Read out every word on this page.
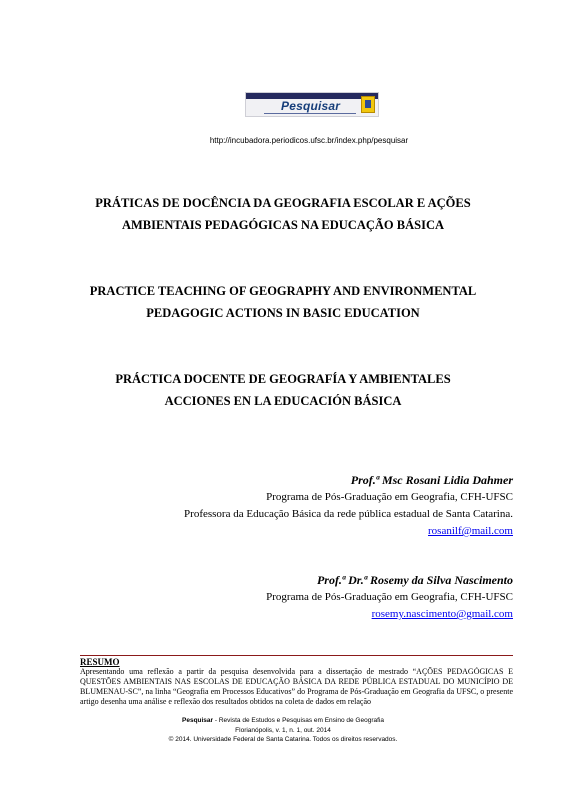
Pesquisar
http://incubadora.periodicos.ufsc.br/index.php/pesquisar
PRÁTICAS DE DOCÊNCIA DA GEOGRAFIA ESCOLAR E AÇÕES
AMBIENTAIS PEDAGÓGICAS NA EDUCAÇÃO BÁSICA
PRACTICE TEACHING OF GEOGRAPHY AND ENVIRONMENTAL
PEDAGOGIC ACTIONS IN BASIC EDUCATION
PRÁCTICA DOCENTE DE GEOGRAFÍA Y AMBIENTALES
ACCIONES EN LA EDUCACIÓN BÁSICA
Prof.ª Msc Rosani Lidia Dahmer
Programa de Pós-Graduação em Geografia, CFH-UFSC
Professora da Educação Básica da rede pública estadual de Santa Catarina.
rosanilf@mail.com
Prof.ª Dr.ª Rosemy da Silva Nascimento
Programa de Pós-Graduação em Geografia, CFH-UFSC
rosemy.nascimento@gmail.com
RESUMO
Apresentando uma reflexão a partir da pesquisa desenvolvida para a dissertação de mestrado “AÇÕES PEDAGÓGICAS E QUESTÕES AMBIENTAIS NAS ESCOLAS DE EDUCAÇÃO BÁSICA DA REDE PÚBLICA ESTADUAL DO MUNICÍPIO DE BLUMENAU-SC”, na linha “Geografia em Processos Educativos” do Programa de Pós-Graduação em Geografia da UFSC, o presente artigo desenha uma análise e reflexão dos resultados obtidos na coleta de dados em relação
Pesquisar - Revista de Estudos e Pesquisas em Ensino de Geografia
Florianópolis, v. 1, n. 1, out. 2014
© 2014. Universidade Federal de Santa Catarina. Todos os direitos reservados.
